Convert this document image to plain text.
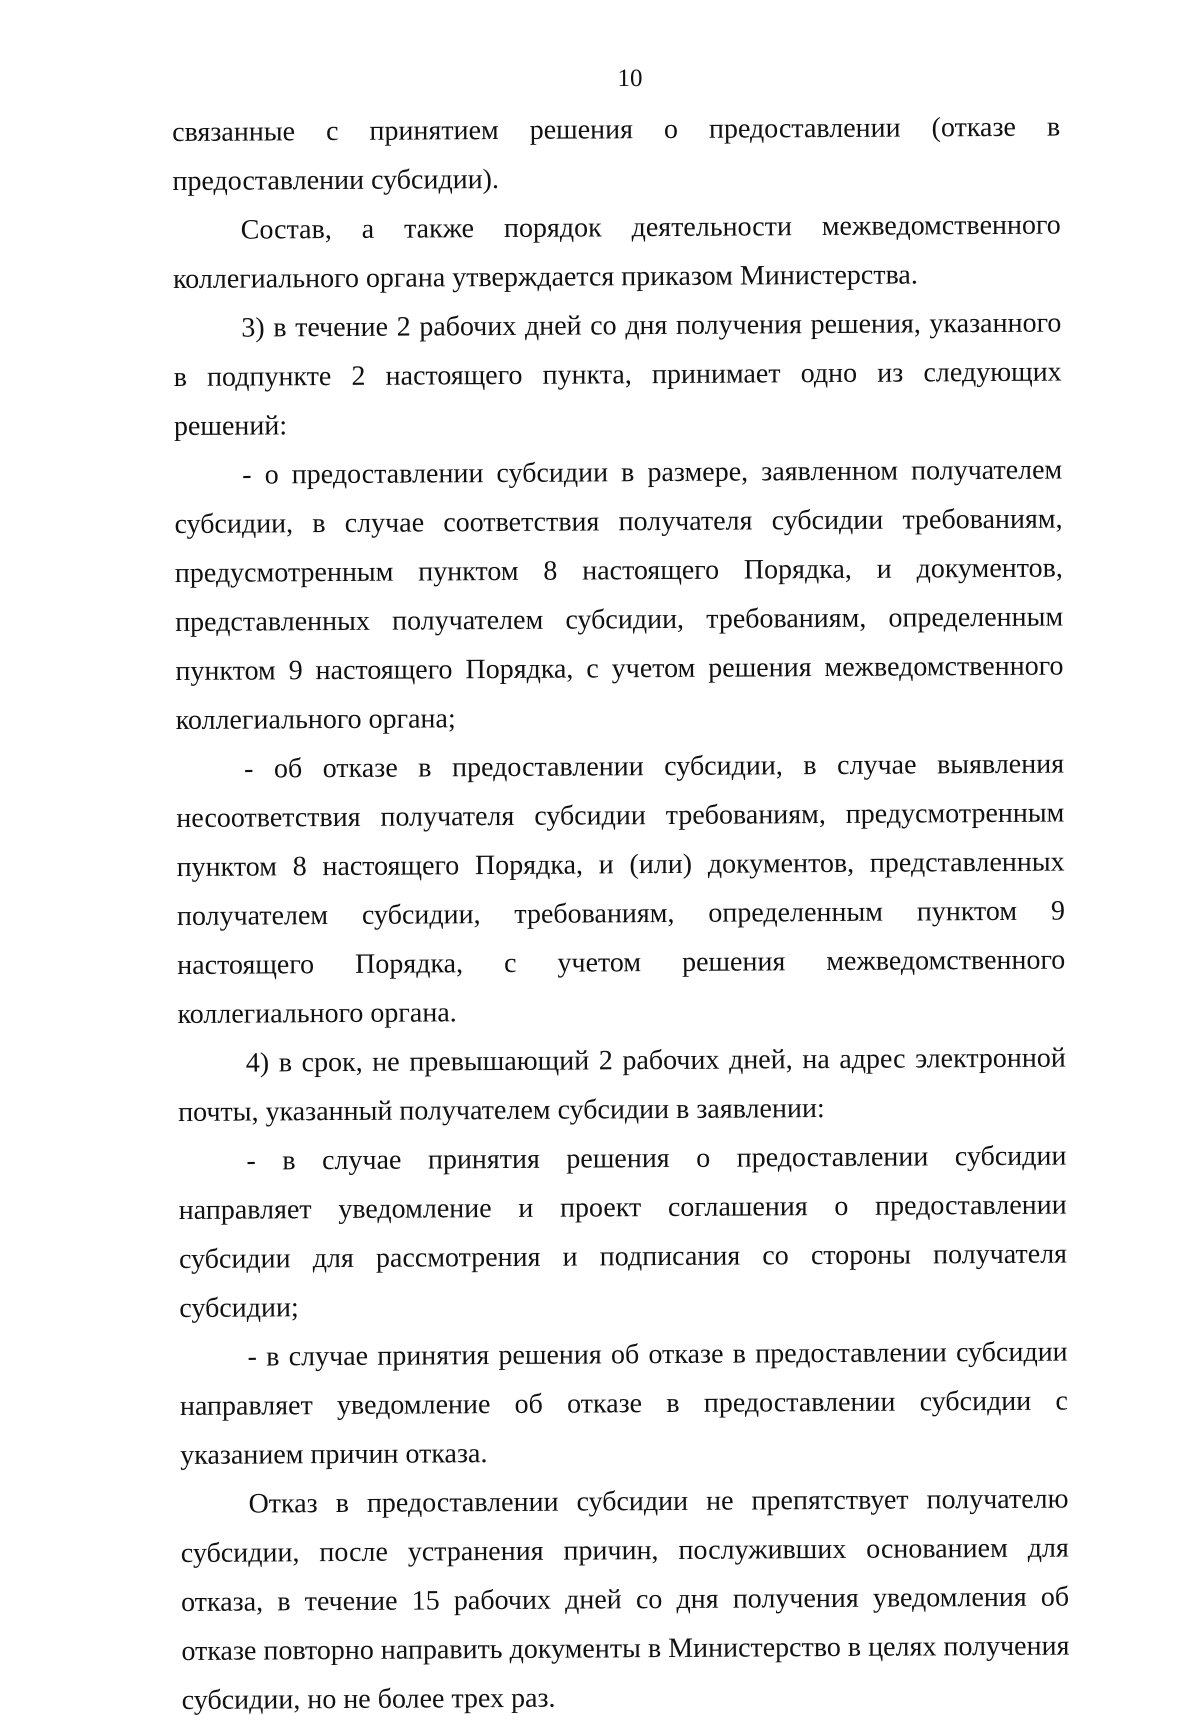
10

связанные с принятием решения о предоставлении (отказе в предоставлении субсидии).

Состав, а также порядок деятельности межведомственного коллегиального органа утверждается приказом Министерства.

3) в течение 2 рабочих дней со дня получения решения, указанного в подпункте 2 настоящего пункта, принимает одно из следующих решений:

- о предоставлении субсидии в размере, заявленном получателем субсидии, в случае соответствия получателя субсидии требованиям, предусмотренным пунктом 8 настоящего Порядка, и документов, представленных получателем субсидии, требованиям, определенным пунктом 9 настоящего Порядка, с учетом решения межведомственного коллегиального органа;

- об отказе в предоставлении субсидии, в случае выявления несоответствия получателя субсидии требованиям, предусмотренным пунктом 8 настоящего Порядка, и (или) документов, представленных получателем субсидии, требованиям, определенным пунктом 9 настоящего Порядка, с учетом решения межведомственного коллегиального органа.

4) в срок, не превышающий 2 рабочих дней, на адрес электронной почты, указанный получателем субсидии в заявлении:

- в случае принятия решения о предоставлении субсидии направляет уведомление и проект соглашения о предоставлении субсидии для рассмотрения и подписания со стороны получателя субсидии;

- в случае принятия решения об отказе в предоставлении субсидии направляет уведомление об отказе в предоставлении субсидии с указанием причин отказа.

Отказ в предоставлении субсидии не препятствует получателю субсидии, после устранения причин, послуживших основанием для отказа, в течение 15 рабочих дней со дня получения уведомления об отказе повторно направить документы в Министерство в целях получения субсидии, но не более трех раз.
